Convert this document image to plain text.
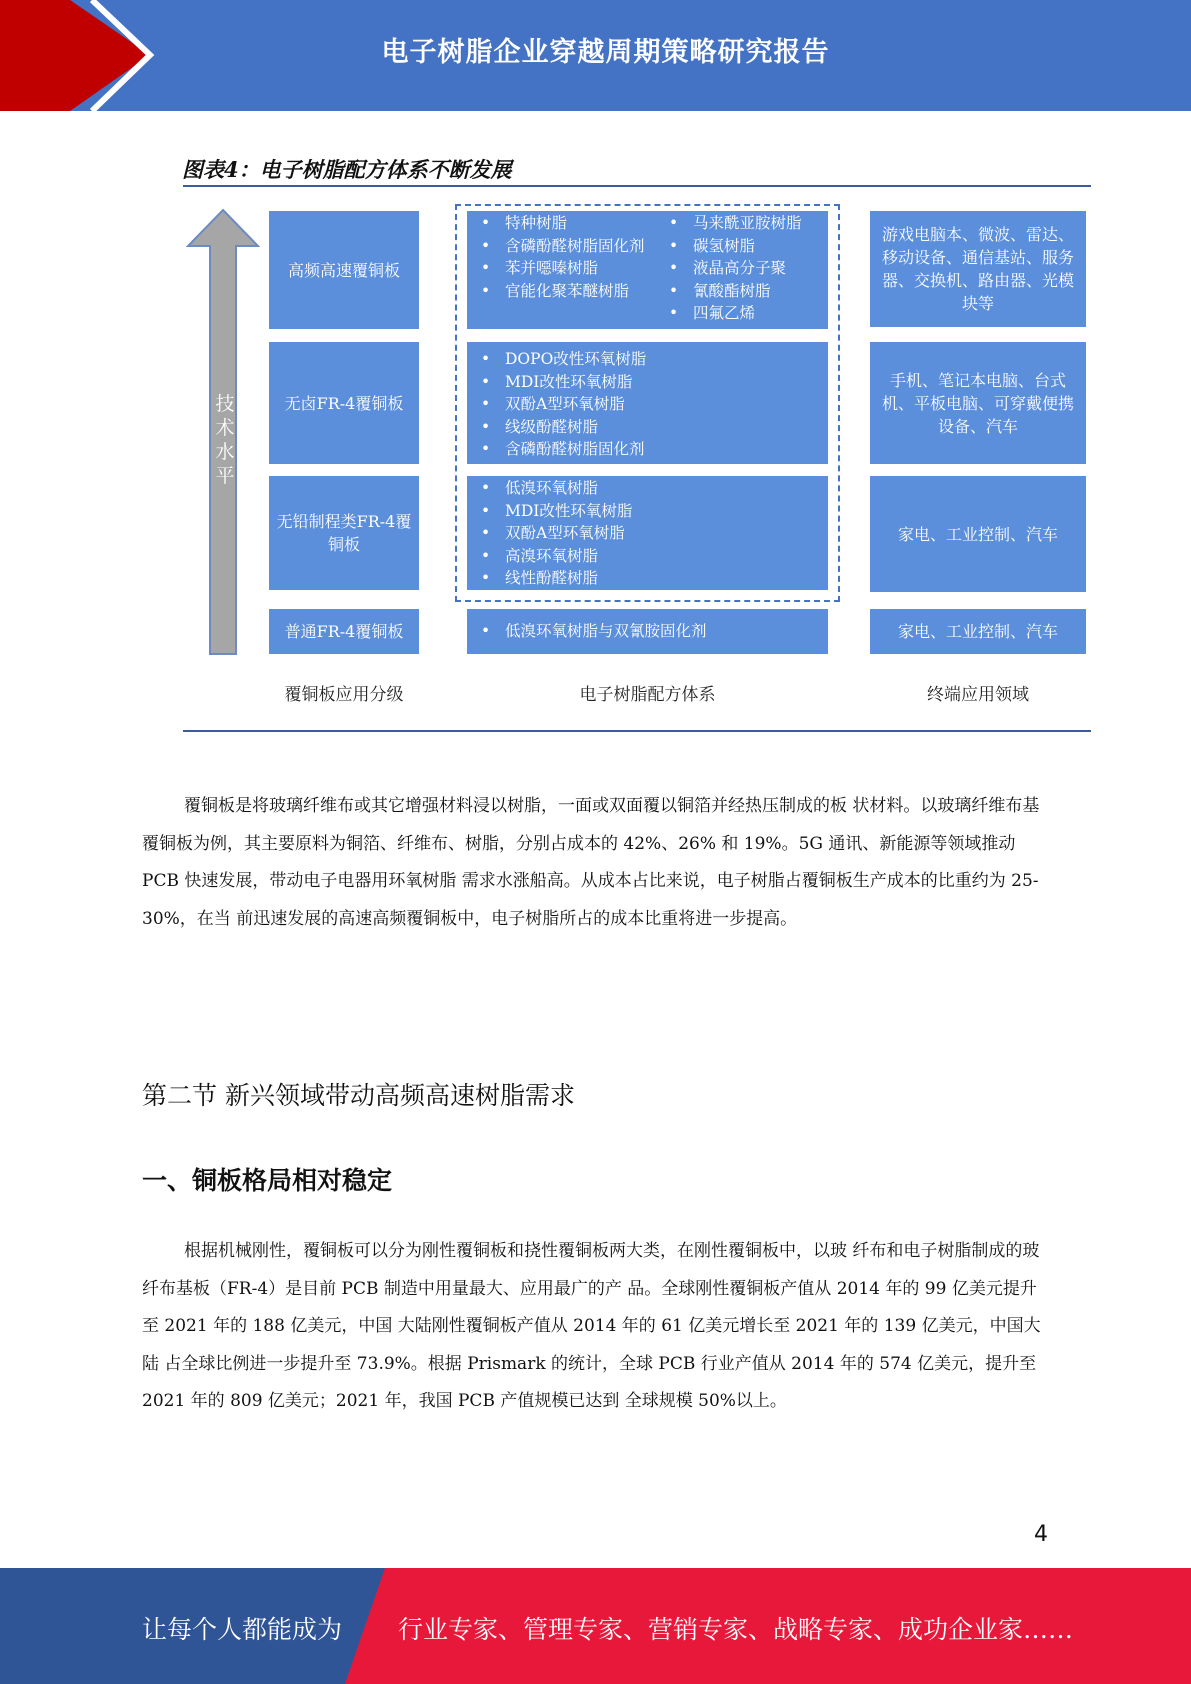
电子树脂企业穿越周期策略研究报告
图表4：电子树脂配方体系不断发展
技术水平
高频高速覆铜板
无卤FR-4覆铜板
无铅制程类FR-4覆铜板
普通FR-4覆铜板
• 特种树脂
• 含磷酚醛树脂固化剂
• 苯并噁嗪树脂
• 官能化聚苯醚树脂
• 马来酰亚胺树脂
• 碳氢树脂
• 液晶高分子聚
• 氰酸酯树脂
• 四氟乙烯
• DOPO改性环氧树脂
• MDI改性环氧树脂
• 双酚A型环氧树脂
• 线级酚醛树脂
• 含磷酚醛树脂固化剂
• 低溴环氧树脂
• MDI改性环氧树脂
• 双酚A型环氧树脂
• 高溴环氧树脂
• 线性酚醛树脂
• 低溴环氧树脂与双氰胺固化剂
游戏电脑本、微波、雷达、移动设备、通信基站、服务器、交换机、路由器、光模块等
手机、笔记本电脑、台式机、平板电脑、可穿戴便携设备、汽车
家电、工业控制、汽车
家电、工业控制、汽车
覆铜板应用分级	电子树脂配方体系	终端应用领域
覆铜板是将玻璃纤维布或其它增强材料浸以树脂，一面或双面覆以铜箔并经热压制成的板 状材料。以玻璃纤维布基覆铜板为例，其主要原料为铜箔、纤维布、树脂，分别占成本的 42%、26% 和 19%。5G 通讯、新能源等领域推动 PCB 快速发展，带动电子电器用环氧树脂 需求水涨船高。从成本占比来说，电子树脂占覆铜板生产成本的比重约为 25-30%，在当 前迅速发展的高速高频覆铜板中，电子树脂所占的成本比重将进一步提高。
第二节 新兴领域带动高频高速树脂需求
一、铜板格局相对稳定
根据机械刚性，覆铜板可以分为刚性覆铜板和挠性覆铜板两大类，在刚性覆铜板中，以玻 纤布和电子树脂制成的玻纤布基板（FR-4）是目前 PCB 制造中用量最大、应用最广的产 品。全球刚性覆铜板产值从 2014 年的 99 亿美元提升至 2021 年的 188 亿美元，中国 大陆刚性覆铜板产值从 2014 年的 61 亿美元增长至 2021 年的 139 亿美元，中国大陆 占全球比例进一步提升至 73.9%。根据 Prismark 的统计，全球 PCB 行业产值从 2014 年的 574 亿美元，提升至 2021 年的 809 亿美元；2021 年，我国 PCB 产值规模已达到 全球规模 50%以上。
4
让每个人都能成为 行业专家、管理专家、营销专家、战略专家、成功企业家……
